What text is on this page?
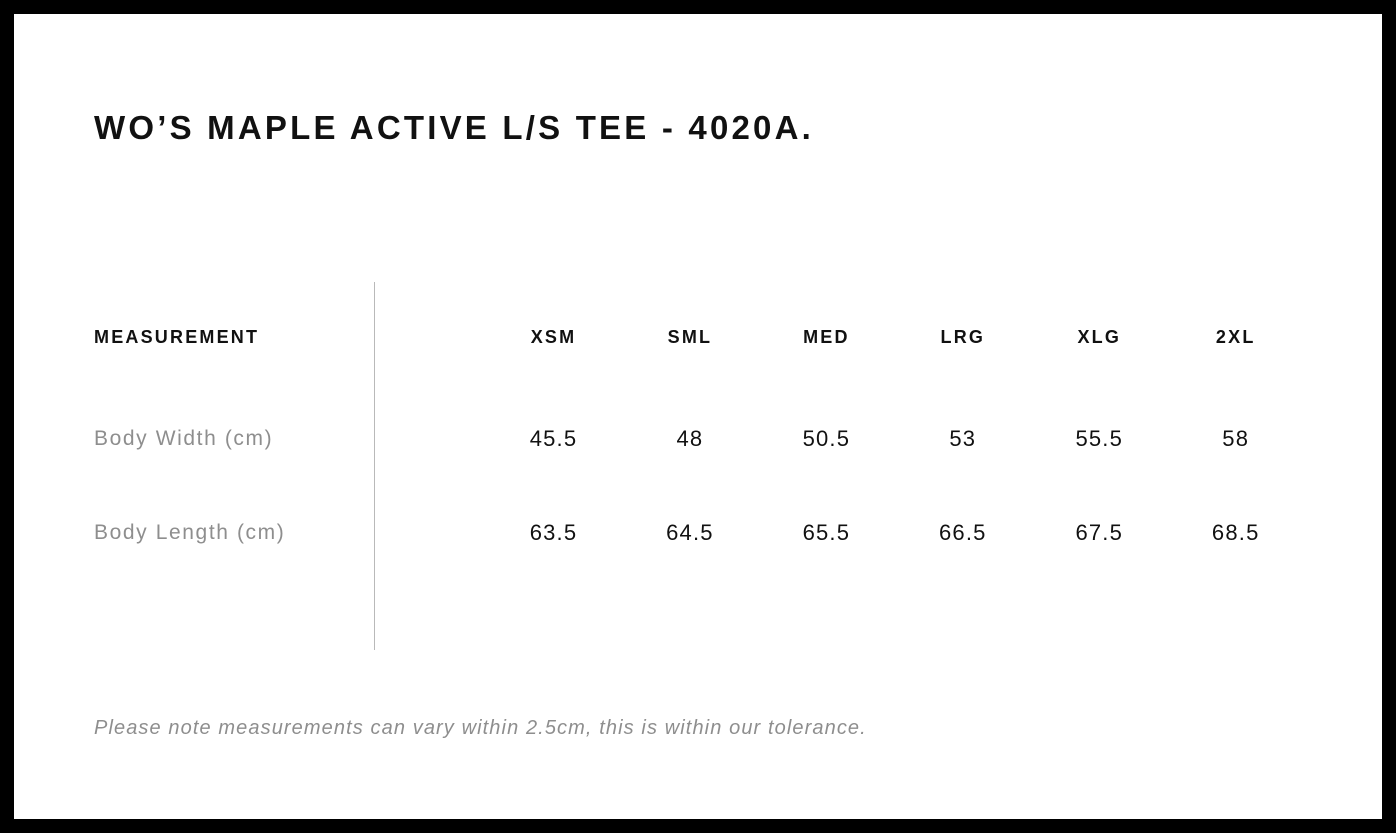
WO’S MAPLE ACTIVE L/S TEE - 4020A.
MEASUREMENT	XSM	SML	MED	LRG	XLG	2XL
Body Width (cm)	45.5	48	50.5	53	55.5	58
Body Length (cm)	63.5	64.5	65.5	66.5	67.5	68.5
Please note measurements can vary within 2.5cm, this is within our tolerance.
